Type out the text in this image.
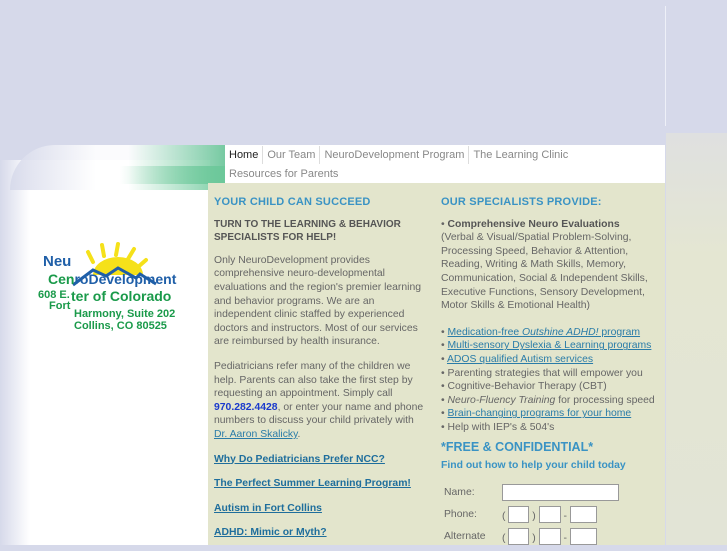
Neu
CenroDevelopment
608 E. ter of Colorado
Fort
Harmony, Suite 202
Collins, CO 80525
Home Our Team NeuroDevelopment Program The Learning Clinic
Resources for Parents
YOUR CHILD CAN SUCCEED
TURN TO THE LEARNING & BEHAVIOR SPECIALISTS FOR HELP!

Only NeuroDevelopment provides comprehensive neuro-developmental evaluations and the region's premier learning and behavior programs. We are an independent clinic staffed by experienced doctors and instructors. Most of our services are reimbursed by health insurance.

Pediatricians refer many of the children we help. Parents can also take the first step by requesting an appointment. Simply call 970.282.4428, or enter your name and phone numbers to discuss your child privately with Dr. Aaron Skalicky.

Why Do Pediatricians Prefer NCC?
The Perfect Summer Learning Program!
Autism in Fort Collins
ADHD: Mimic or Myth?
OUR SPECIALISTS PROVIDE:
• Comprehensive Neuro Evaluations
(Verbal & Visual/Spatial Problem-Solving, Processing Speed, Behavior & Attention, Reading, Writing & Math Skills, Memory, Communication, Social & Independent Skills, Executive Functions, Sensory Development, Motor Skills & Emotional Health)
• Medication-free Outshine ADHD! program
• Multi-sensory Dyslexia & Learning programs
• ADOS qualified Autism services
• Parenting strategies that will empower you
• Cognitive-Behavior Therapy (CBT)
• Neuro-Fluency Training for processing speed
• Brain-changing programs for your home
• Help with IEP's & 504's
*FREE & CONFIDENTIAL*
Find out how to help your child today
Name:	
Phone:	( ) -
Alternate	( ) -
